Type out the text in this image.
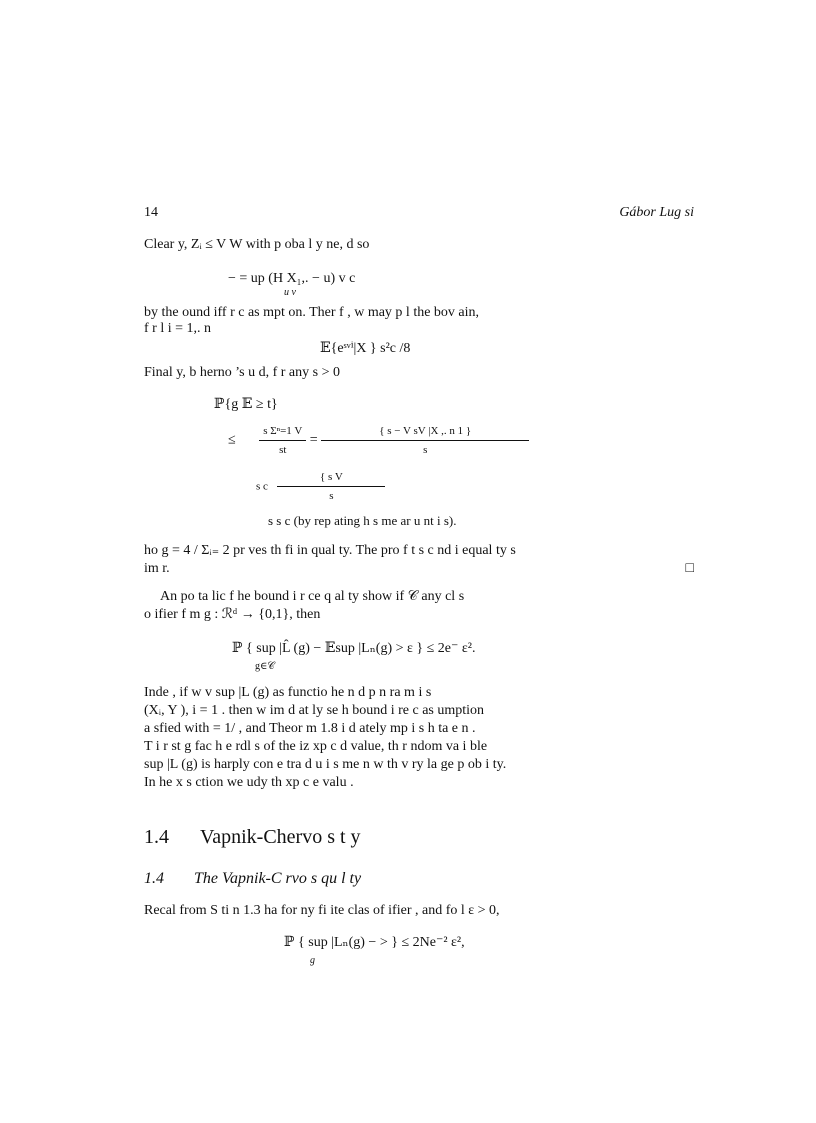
14	Gábor Lug si
Clear y, Zᵢ ≤ V W with p oba l y ne, d so
− = up (H X₁,. − u) v c
u v
by the ound iff r c as mpt on. Ther f , w may p l the bov ain,
f r l i = 1,. n
𝔼{eˢᵛⁱ|X } s²c /8
Final y, b herno ’s u d, f r any s > 0
ℙ{g 𝔼 ≥ t}
≤ $\frac{\text{s Σⁿ=1 V}}{st} = \frac{\text{\{ s − V sV |X ,. n 1 \}}}{s}$
s c $\frac{\text{\{ s V}}{s}$
s s c (by rep ating h s me ar u nt i s).
ho g = 4 / Σᵢ₌ 2 pr ves th fi in qual ty. The pro f t s c nd i equal ty s
im r.	□
An po ta lic f he bound i r ce q al ty show if 𝒞 any cl s
o ifier f m g : ℛᵈ → {0,1}, then
ℙ { sup |L̂ (g) − 𝔼sup |Lₙ(g) > ε } ≤ 2e⁻ ε².
g∈𝒞
Inde , if w v sup |L (g) as functio he n d p n ra m i s
(Xᵢ, Y ), i = 1 . then w im d at ly se h bound i re c as umption
a sfied with = 1/ , and Theor m 1.8 i d ately mp i s h ta e n .
T i r st g fac h e rdl s of the iz xp c d value, th r ndom va i ble
sup |L (g) is harply con e tra d u i s me n w th v ry la ge p ob i ty.
In he x s ction we udy th xp c e valu .
1.4 Vapnik-Chervo s t y
1.4 The Vapnik-C rvo s qu l ty
Recal from S ti n 1.3 ha for ny fi ite clas of ifier , and fo l ε > 0,
ℙ { sup |Lₙ(g) − > } ≤ 2Ne⁻² ε²,
g
